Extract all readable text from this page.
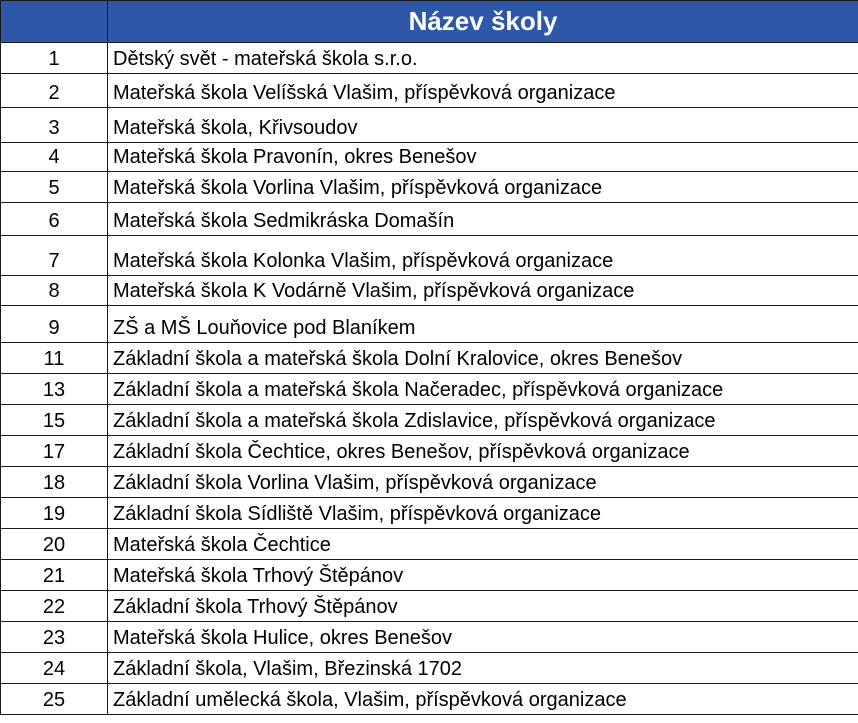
	Název školy
1	Dětský svět - mateřská škola s.r.o.
2	Mateřská škola Velíšská Vlašim, příspěvková organizace
3	Mateřská škola, Křivsoudov
4	Mateřská škola Pravonín, okres Benešov
5	Mateřská škola Vorlina Vlašim, příspěvková organizace
6	Mateřská škola Sedmikráska Domašín
7	Mateřská škola Kolonka Vlašim, příspěvková organizace
8	Mateřská škola K Vodárně Vlašim, příspěvková organizace
9	ZŠ a MŠ Louňovice pod Blaníkem
11	Základní škola a mateřská škola Dolní Kralovice, okres Benešov
13	Základní škola a mateřská škola Načeradec, příspěvková organizace
15	Základní škola a mateřská škola Zdislavice, příspěvková organizace
17	Základní škola Čechtice, okres Benešov, příspěvková organizace
18	Základní škola Vorlina Vlašim, příspěvková organizace
19	Základní škola Sídliště Vlašim, příspěvková organizace
20	Mateřská škola Čechtice
21	Mateřská škola Trhový Štěpánov
22	Základní škola Trhový Štěpánov
23	Mateřská škola Hulice, okres Benešov
24	Základní škola, Vlašim, Březinská 1702
25	Základní umělecká škola, Vlašim, příspěvková organizace
